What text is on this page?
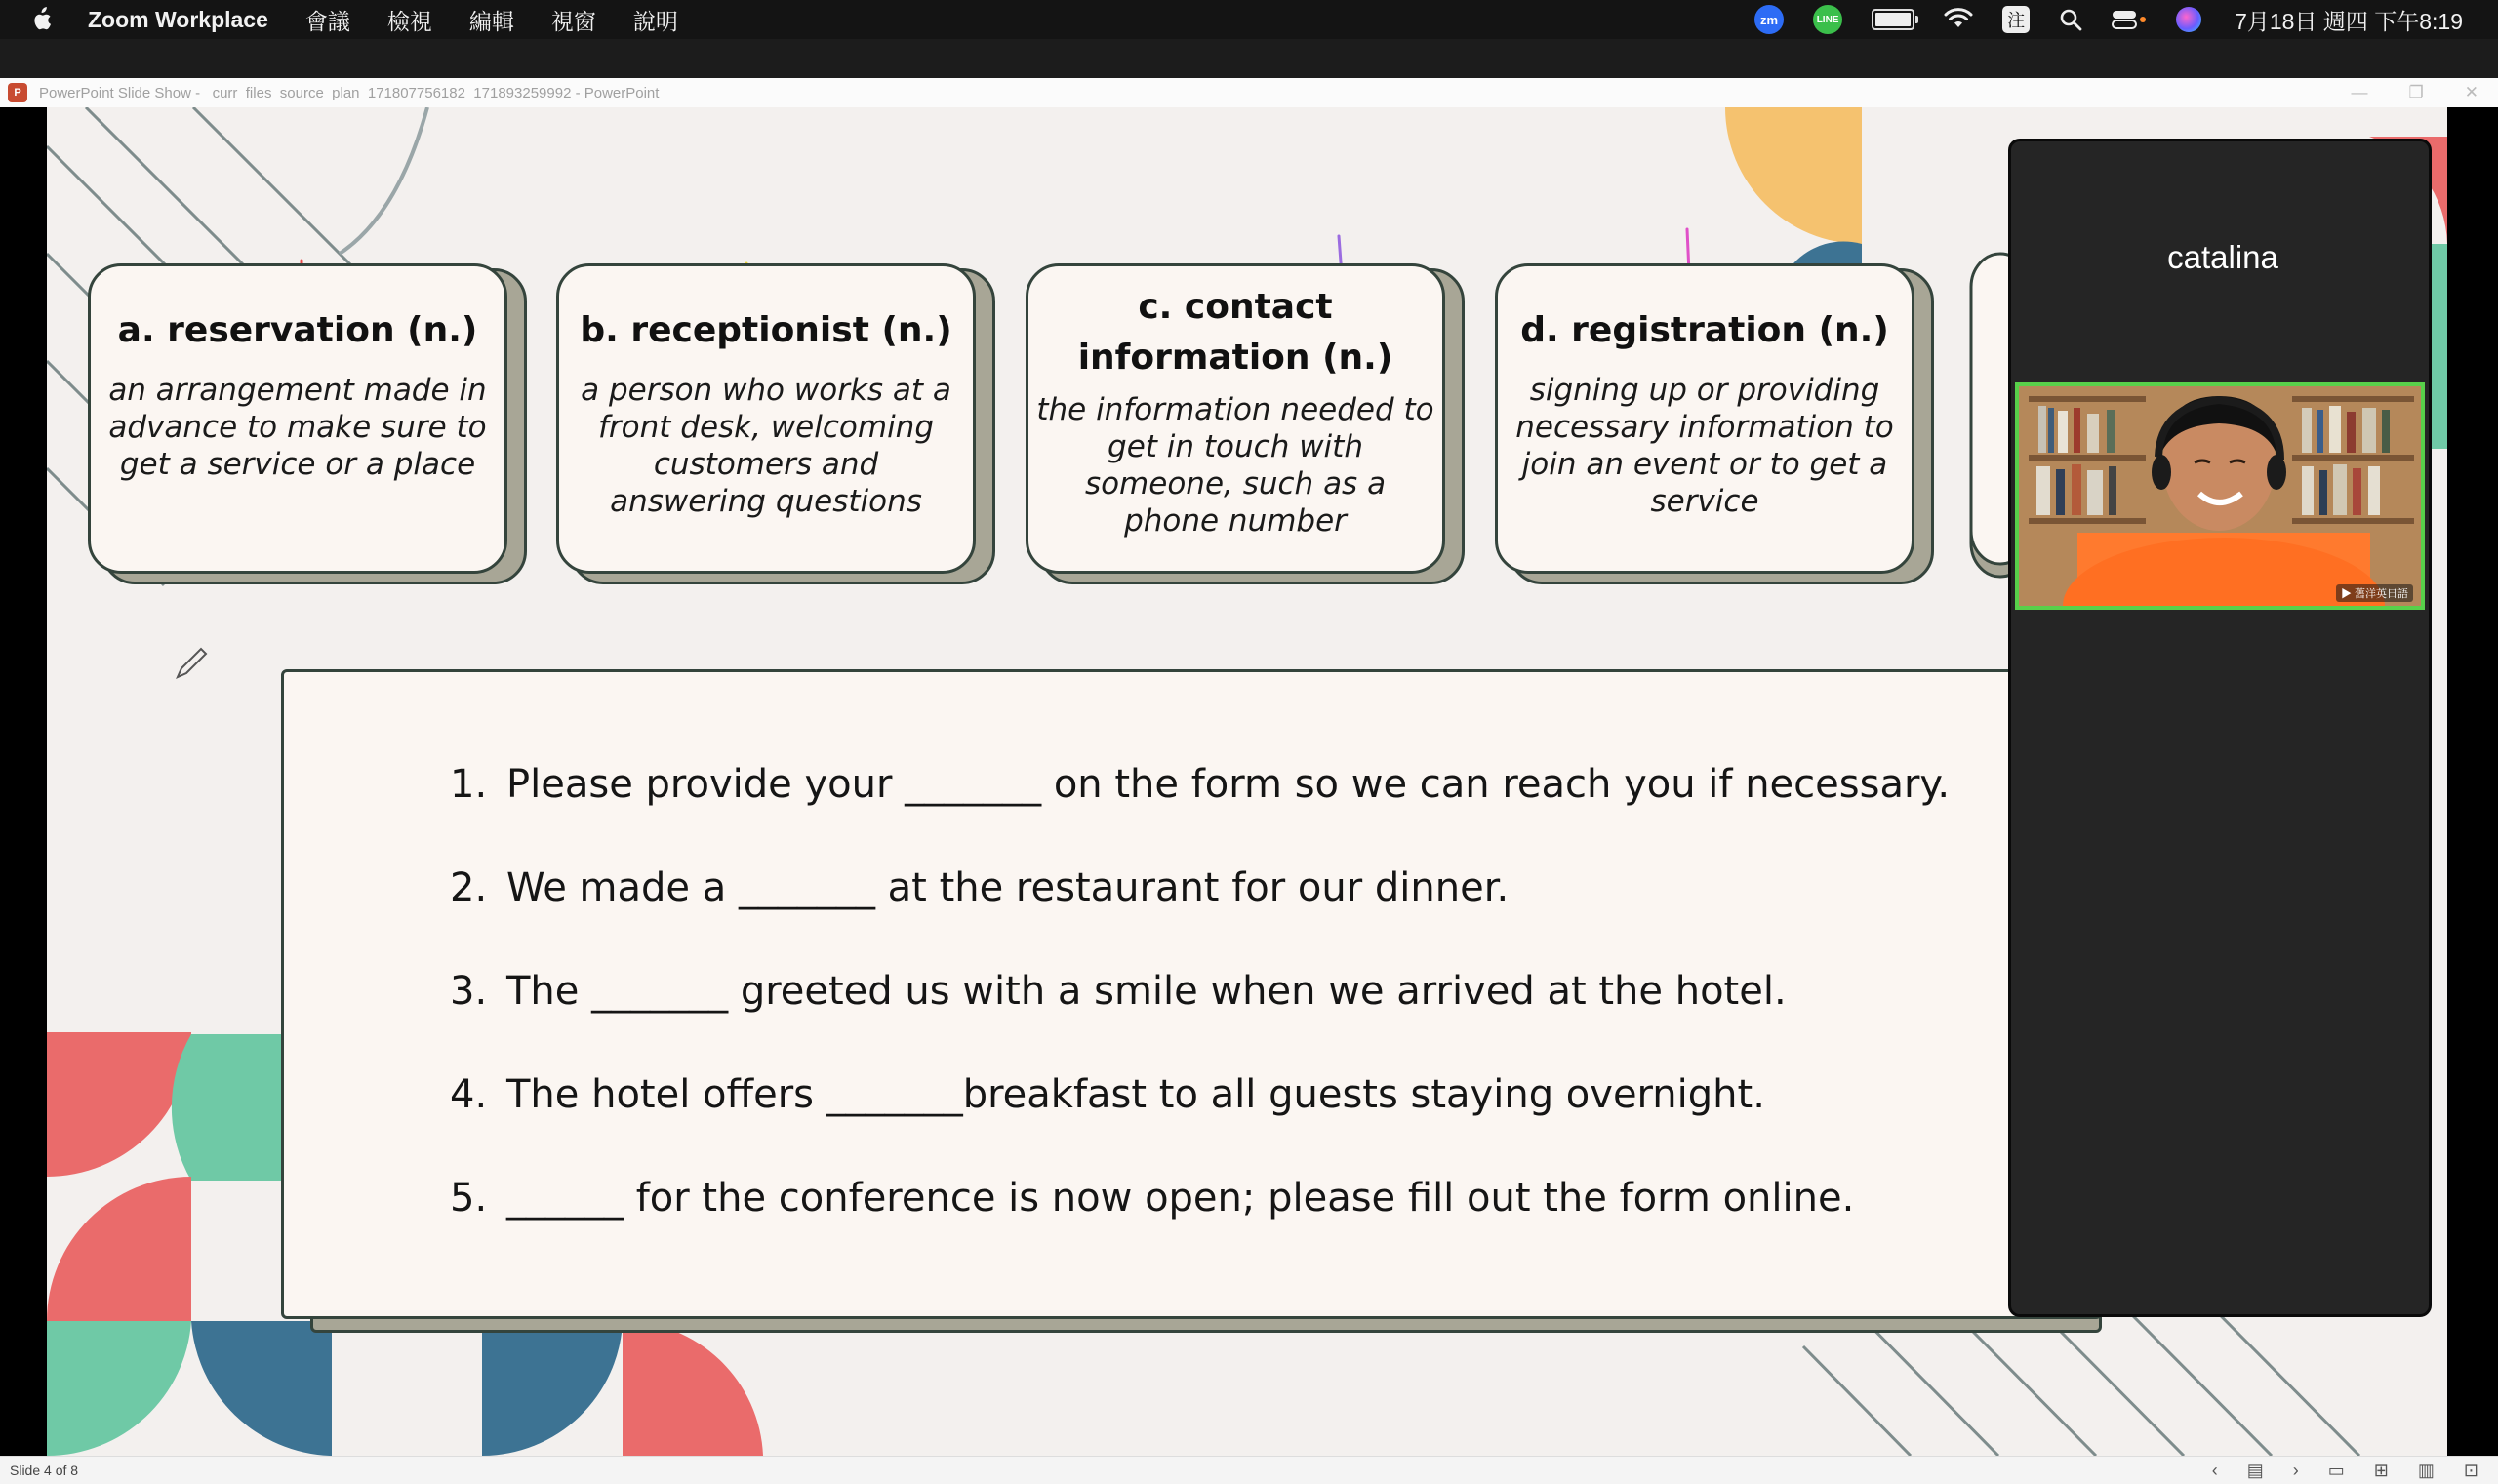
Zoom Workplace 會議 檢視 編輯 視窗 說明	zm	LINE	注	7月18日 週四 下午8:19
P	PowerPoint Slide Show - _curr_files_source_plan_1718077561​82_1718932​59992 - PowerPoint	— ❐ ✕
a. reservation (n.)
an arrangement made in advance to make sure to get a service or a place
b. receptionist (n.)
a person who works at a front desk, welcoming customers and answering questions
c. contact information (n.)
the information needed to get in touch with someone, such as a phone number
d. registration (n.)
signing up or providing necessary information to join an event or to get a service
1. Please provide your _______ on the form so we can reach you if necessary.
2. We made a _______ at the restaurant for our dinner.
3. The _______ greeted us with a smile when we arrived at the hotel.
4. The hotel offers _______breakfast to all guests staying overnight.
5. ______ for the conference is now open; please fill out the form online.
catalina
▶ 舊洋英日語
Slide 4 of 8	‹ ▤ › ▭ ⊞ ▥ ⊡
